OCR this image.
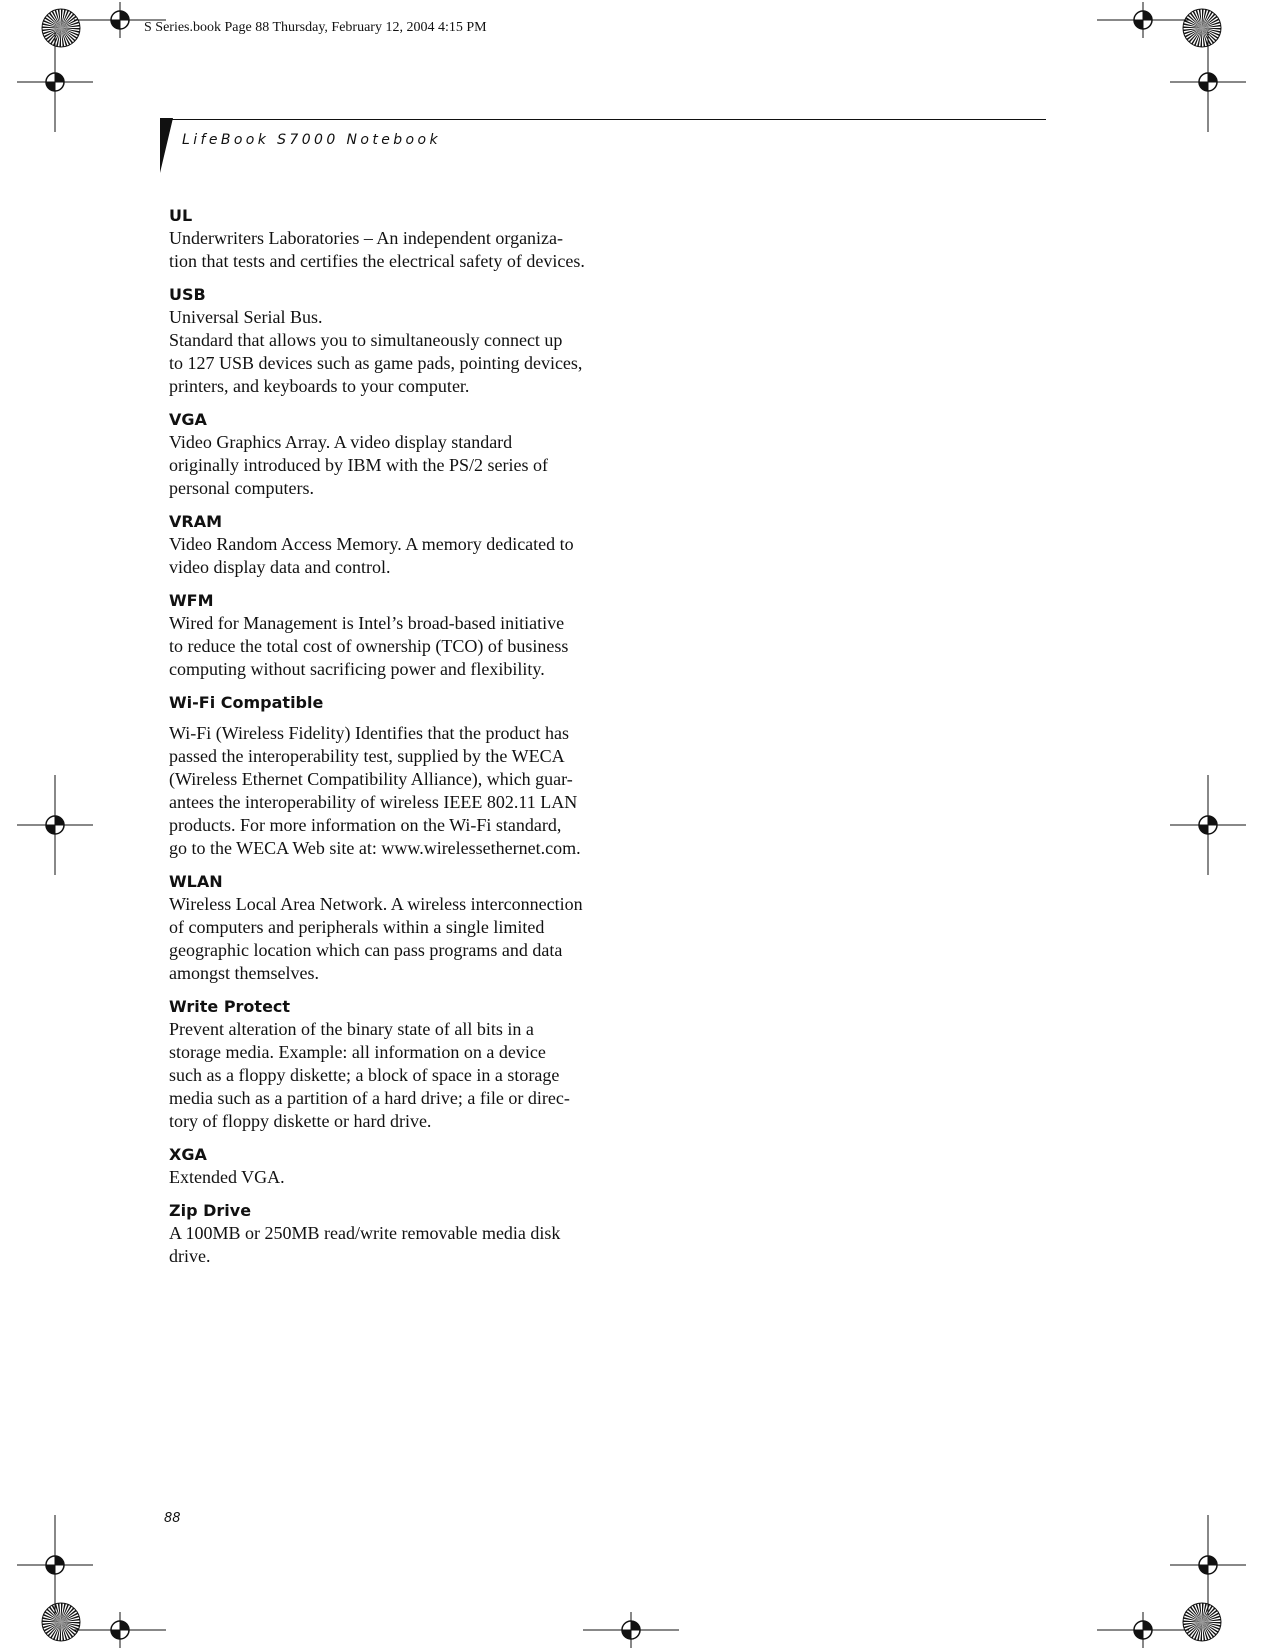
S Series.book Page 88 Thursday, February 12, 2004 4:15 PM
LifeBook S7000 Notebook
UL

Underwriters Laboratories – An independent organiza-

tion that tests and certifies the electrical safety of devices.

USB

Universal Serial Bus.

Standard that allows you to simultaneously connect up

to 127 USB devices such as game pads, pointing devices,

printers, and keyboards to your computer.

VGA

Video Graphics Array. A video display standard

originally introduced by IBM with the PS/2 series of

personal computers.

VRAM

Video Random Access Memory. A memory dedicated to

video display data and control.

WFM

Wired for Management is Intel’s broad-based initiative

to reduce the total cost of ownership (TCO) of business

computing without sacrificing power and flexibility.

Wi-Fi Compatible

Wi-Fi (Wireless Fidelity) Identifies that the product has

passed the interoperability test, supplied by the WECA

(Wireless Ethernet Compatibility Alliance), which guar-

antees the interoperability of wireless IEEE 802.11 LAN

products. For more information on the Wi-Fi standard,

go to the WECA Web site at: www.wirelessethernet.com.

WLAN

Wireless Local Area Network. A wireless interconnection

of computers and peripherals within a single limited

geographic location which can pass programs and data

amongst themselves.

Write Protect

Prevent alteration of the binary state of all bits in a

storage media. Example: all information on a device

such as a floppy diskette; a block of space in a storage

media such as a partition of a hard drive; a file or direc-

tory of floppy diskette or hard drive.

XGA

Extended VGA.

Zip Drive

A 100MB or 250MB read/write removable media disk

drive.

88
